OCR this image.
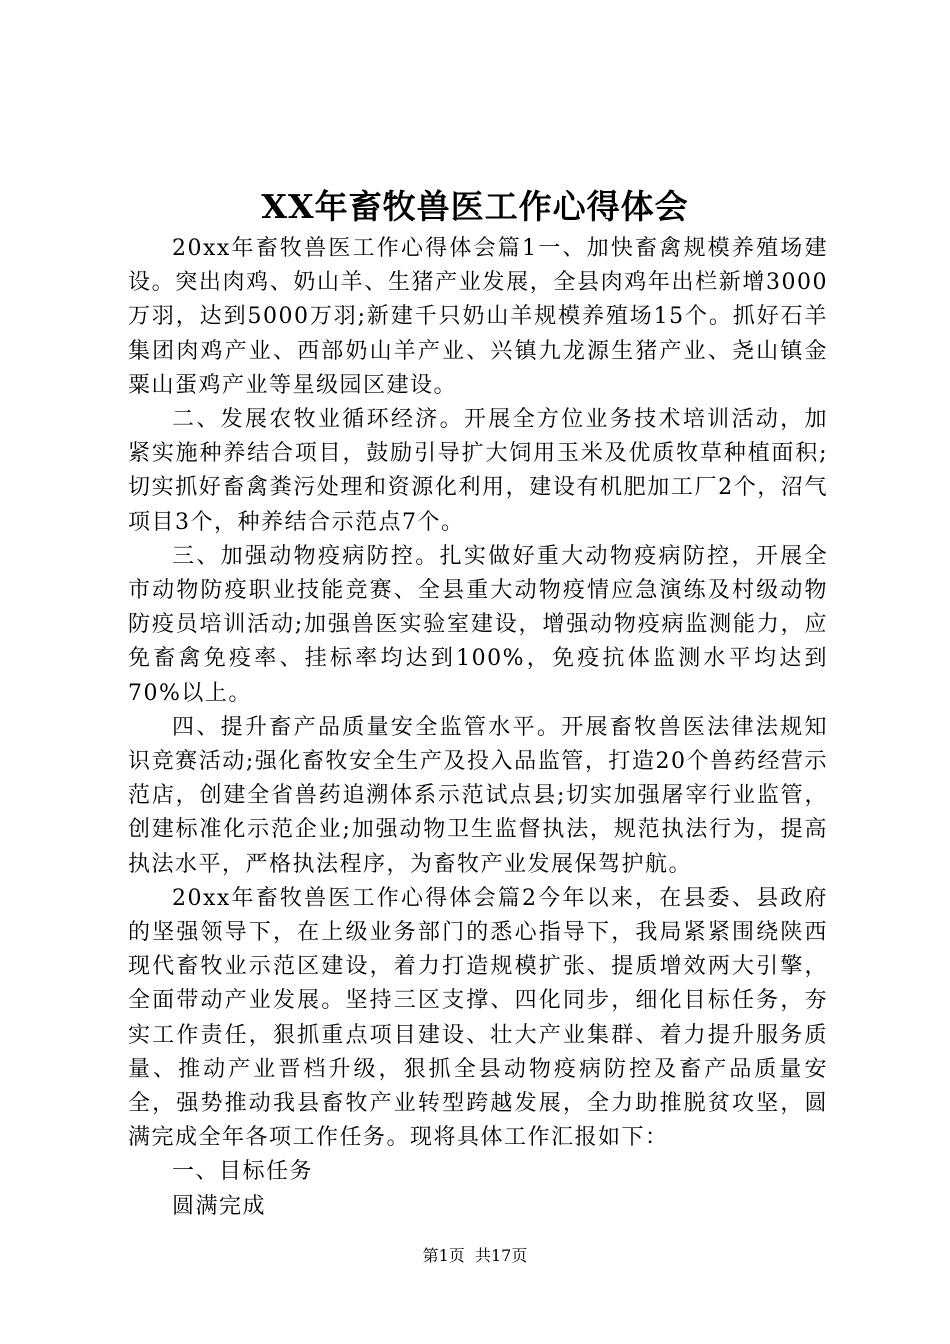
XX年畜牧兽医工作心得体会

20xx年畜牧兽医工作心得体会篇1一、加快畜禽规模养殖场建设。突出肉鸡、奶山羊、生猪产业发展，全县肉鸡年出栏新增3000万羽，达到5000万羽;新建千只奶山羊规模养殖场15个。抓好石羊集团肉鸡产业、西部奶山羊产业、兴镇九龙源生猪产业、尧山镇金粟山蛋鸡产业等星级园区建设。

二、发展农牧业循环经济。开展全方位业务技术培训活动，加紧实施种养结合项目，鼓励引导扩大饲用玉米及优质牧草种植面积;切实抓好畜禽粪污处理和资源化利用，建设有机肥加工厂2个，沼气项目3个，种养结合示范点7个。

三、加强动物疫病防控。扎实做好重大动物疫病防控，开展全市动物防疫职业技能竞赛、全县重大动物疫情应急演练及村级动物防疫员培训活动;加强兽医实验室建设，增强动物疫病监测能力，应免畜禽免疫率、挂标率均达到100%，免疫抗体监测水平均达到70%以上。

四、提升畜产品质量安全监管水平。开展畜牧兽医法律法规知识竞赛活动;强化畜牧安全生产及投入品监管，打造20个兽药经营示范店，创建全省兽药追溯体系示范试点县;切实加强屠宰行业监管，创建标准化示范企业;加强动物卫生监督执法，规范执法行为，提高执法水平，严格执法程序，为畜牧产业发展保驾护航。

20xx年畜牧兽医工作心得体会篇2今年以来，在县委、县政府的坚强领导下，在上级业务部门的悉心指导下，我局紧紧围绕陕西现代畜牧业示范区建设，着力打造规模扩张、提质增效两大引擎，全面带动产业发展。坚持三区支撑、四化同步，细化目标任务，夯实工作责任，狠抓重点项目建设、壮大产业集群、着力提升服务质量、推动产业晋档升级，狠抓全县动物疫病防控及畜产品质量安全，强势推动我县畜牧产业转型跨越发展，全力助推脱贫攻坚，圆满完成全年各项工作任务。现将具体工作汇报如下：

一、目标任务

圆满完成

第1页 共17页
